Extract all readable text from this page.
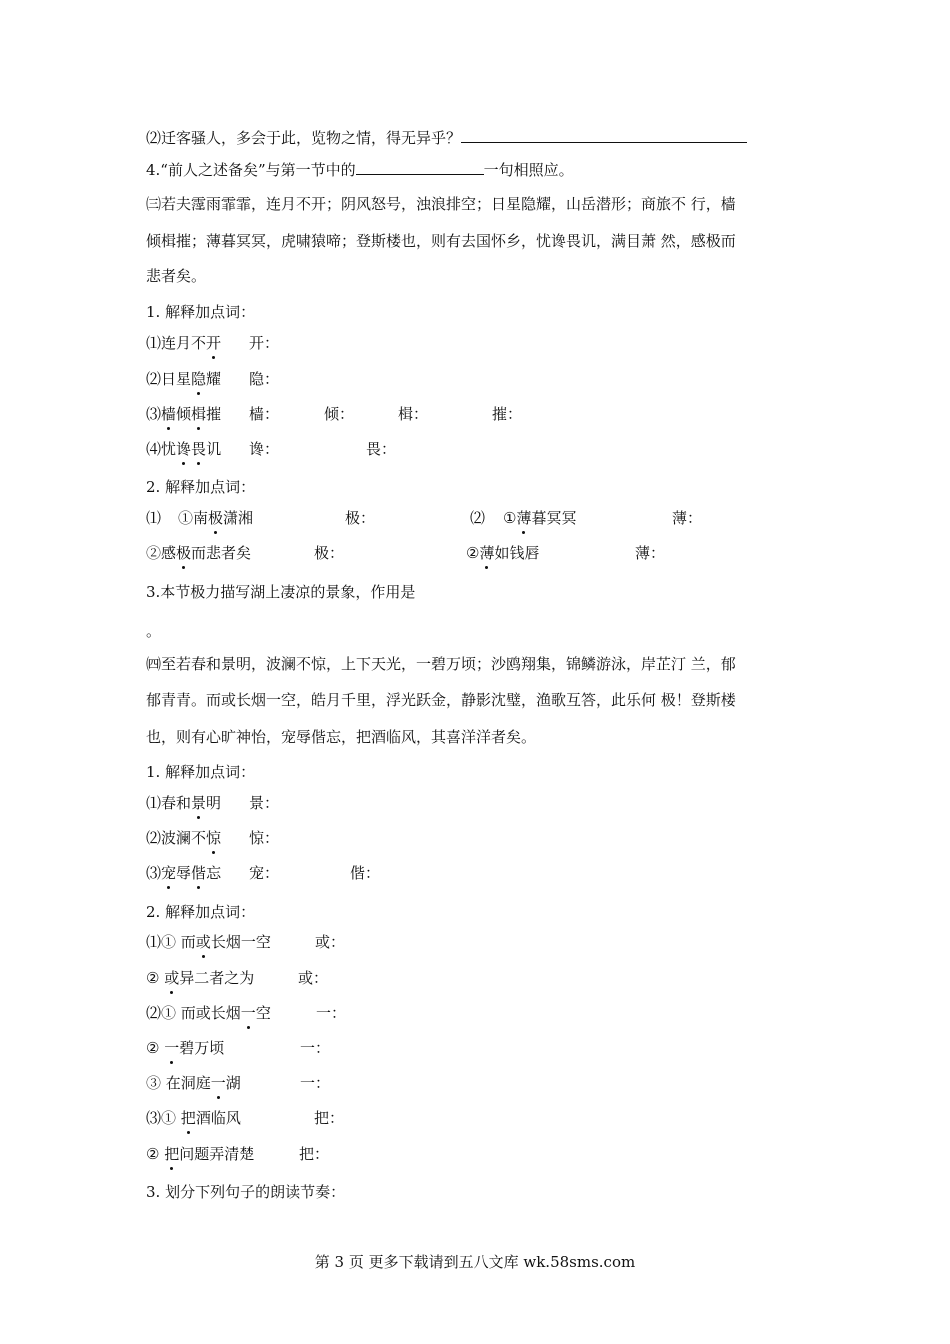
⑵迁客骚人，多会于此，览物之情，得无异乎？
4.“前人之述备矣”与第一节中的	一句相照应。
㈢若夫霪雨霏霏，连月不开；阴风怒号，浊浪排空；日星隐耀，山岳潜形；商旅不 行，樯
倾楫摧；薄暮冥冥，虎啸猿啼；登斯楼也，则有去国怀乡，忧谗畏讥，满目萧 然，感极而
悲者矣。
1. 解释加点词：
⑴连月不开 开：
⑵日星隐耀 隐：
⑶樯倾楫摧 樯：	倾：	楫：	摧：
⑷忧谗畏讥 谗：	畏：
2. 解释加点词：
⑴ ①南极潇湘	极：	⑵ ①薄暮冥冥	薄：
②感极而悲者矣	极：	②薄如钱唇	薄：
3.本节极力描写湖上凄凉的景象，作用是
。
㈣至若春和景明，波澜不惊，上下天光，一碧万顷；沙鸥翔集，锦鳞游泳，岸芷汀 兰，郁
郁青青。而或长烟一空，皓月千里，浮光跃金，静影沈璧，渔歌互答，此乐何 极！登斯楼
也，则有心旷神怡，宠辱偕忘，把酒临风，其喜洋洋者矣。
1. 解释加点词：
⑴春和景明 景：
⑵波澜不惊 惊：
⑶宠辱偕忘 宠：	偕：
2. 解释加点词：
⑴① 而或长烟一空	或：
② 或异二者之为	或：
⑵① 而或长烟一空	一：
② 一碧万顷	一：
③ 在洞庭一湖	一：
⑶① 把酒临风	把：
② 把问题弄清楚	把：
3. 划分下列句子的朗读节奏：
第 3 页 更多下载请到五八文库 wk.58sms.com
